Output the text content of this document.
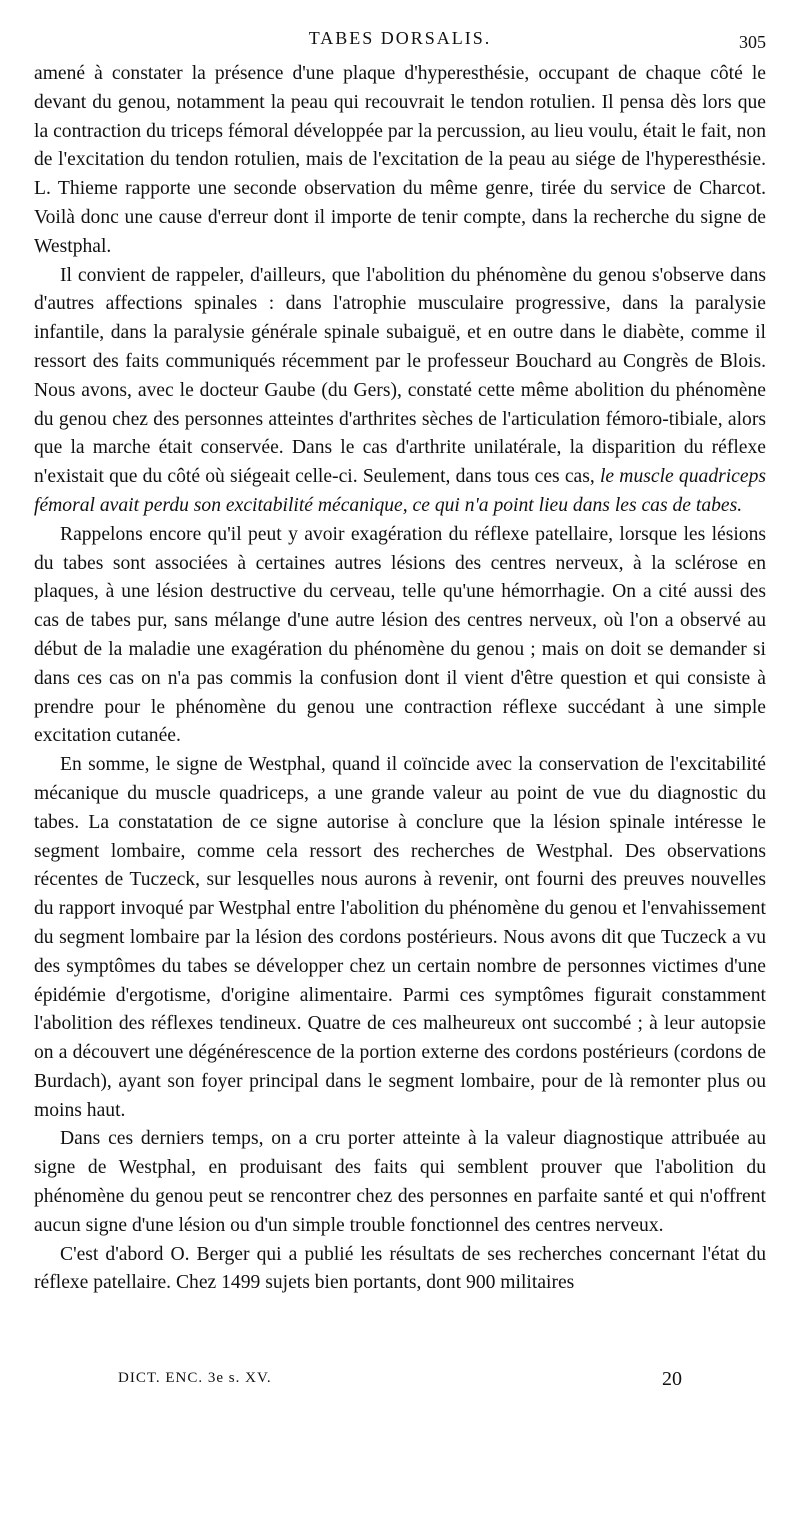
TABES DORSALIS.	305

amené à constater la présence d'une plaque d'hyperesthésie, occupant de chaque côté le devant du genou, notamment la peau qui recouvrait le tendon rotulien. Il pensa dès lors que la contraction du triceps fémoral développée par la percussion, au lieu voulu, était le fait, non de l'excitation du tendon rotulien, mais de l'excitation de la peau au siége de l'hyperesthésie. L. Thieme rapporte une seconde observation du même genre, tirée du service de Charcot. Voilà donc une cause d'erreur dont il importe de tenir compte, dans la recherche du signe de Westphal.

Il convient de rappeler, d'ailleurs, que l'abolition du phénomène du genou s'observe dans d'autres affections spinales : dans l'atrophie musculaire progressive, dans la paralysie infantile, dans la paralysie générale spinale subaiguë, et en outre dans le diabète, comme il ressort des faits communiqués récemment par le professeur Bouchard au Congrès de Blois. Nous avons, avec le docteur Gaube (du Gers), constaté cette même abolition du phénomène du genou chez des personnes atteintes d'arthrites sèches de l'articulation fémoro-tibiale, alors que la marche était conservée. Dans le cas d'arthrite unilatérale, la disparition du réflexe n'existait que du côté où siégeait celle-ci. Seulement, dans tous ces cas, le muscle quadriceps fémoral avait perdu son excitabilité mécanique, ce qui n'a point lieu dans les cas de tabes.

Rappelons encore qu'il peut y avoir exagération du réflexe patellaire, lorsque les lésions du tabes sont associées à certaines autres lésions des centres nerveux, à la sclérose en plaques, à une lésion destructive du cerveau, telle qu'une hémorrhagie. On a cité aussi des cas de tabes pur, sans mélange d'une autre lésion des centres nerveux, où l'on a observé au début de la maladie une exagération du phénomène du genou ; mais on doit se demander si dans ces cas on n'a pas commis la confusion dont il vient d'être question et qui consiste à prendre pour le phénomène du genou une contraction réflexe succédant à une simple excitation cutanée.

En somme, le signe de Westphal, quand il coïncide avec la conservation de l'excitabilité mécanique du muscle quadriceps, a une grande valeur au point de vue du diagnostic du tabes. La constatation de ce signe autorise à conclure que la lésion spinale intéresse le segment lombaire, comme cela ressort des recherches de Westphal. Des observations récentes de Tuczeck, sur lesquelles nous aurons à revenir, ont fourni des preuves nouvelles du rapport invoqué par Westphal entre l'abolition du phénomène du genou et l'envahissement du segment lombaire par la lésion des cordons postérieurs. Nous avons dit que Tuczeck a vu des symptômes du tabes se développer chez un certain nombre de personnes victimes d'une épidémie d'ergotisme, d'origine alimentaire. Parmi ces symptômes figurait constamment l'abolition des réflexes tendineux. Quatre de ces malheureux ont succombé ; à leur autopsie on a découvert une dégénérescence de la portion externe des cordons postérieurs (cordons de Burdach), ayant son foyer principal dans le segment lombaire, pour de là remonter plus ou moins haut.

Dans ces derniers temps, on a cru porter atteinte à la valeur diagnostique attribuée au signe de Westphal, en produisant des faits qui semblent prouver que l'abolition du phénomène du genou peut se rencontrer chez des personnes en parfaite santé et qui n'offrent aucun signe d'une lésion ou d'un simple trouble fonctionnel des centres nerveux.

C'est d'abord O. Berger qui a publié les résultats de ses recherches concernant l'état du réflexe patellaire. Chez 1499 sujets bien portants, dont 900 militaires

DICT. ENC. 3e s. XV.	20
